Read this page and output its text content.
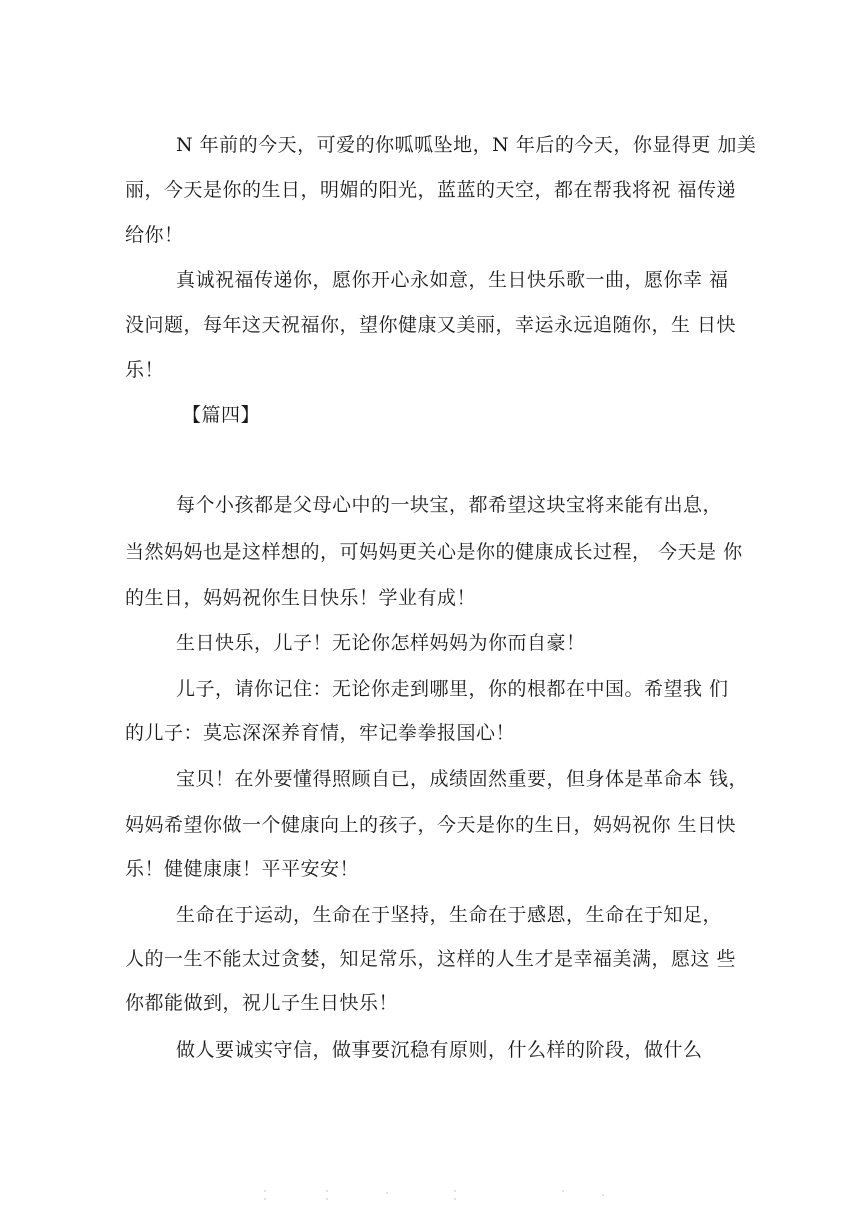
N 年前的今天，可爱的你呱呱坠地，N 年后的今天，你显得更 加美
丽，今天是你的生日，明媚的阳光，蓝蓝的天空，都在帮我将祝 福传递
给你！
真诚祝福传递你，愿你开心永如意，生日快乐歌一曲，愿你幸 福
没问题，每年这天祝福你，望你健康又美丽，幸运永远追随你，生 日快
乐！
【篇四】
每个小孩都是父母心中的一块宝，都希望这块宝将来能有出息，
当然妈妈也是这样想的，可妈妈更关心是你的健康成长过程， 今天是 你
的生日，妈妈祝你生日快乐！学业有成！
生日快乐，儿子！无论你怎样妈妈为你而自豪！
儿子，请你记住：无论你走到哪里，你的根都在中国。希望我 们
的儿子：莫忘深深养育情，牢记拳拳报国心！
宝贝！在外要懂得照顾自已，成绩固然重要，但身体是革命本 钱，
妈妈希望你做一个健康向上的孩子，今天是你的生日，妈妈祝你 生日快
乐！健健康康！平平安安！
生命在于运动，生命在于坚持，生命在于感恩，生命在于知足，
人的一生不能太过贪婪，知足常乐，这样的人生才是幸福美满，愿这 些
你都能做到，祝儿子生日快乐！
做人要诚实守信，做事要沉稳有原则，什么样的阶段，做什么
